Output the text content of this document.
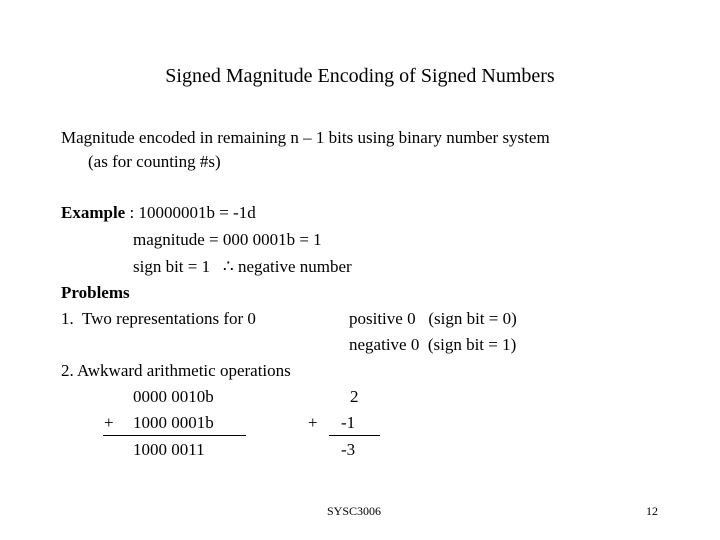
Signed Magnitude Encoding of Signed Numbers
Magnitude encoded in remaining n – 1 bits using binary number system
(as for counting #s)
Example : 10000001b = -1d
magnitude = 000 0001b = 1
sign bit = 1   ∴ negative number
Problems
1.  Two representations for 0	positive 0   (sign bit = 0)
negative 0  (sign bit = 1)
2. Awkward arithmetic operations
0000 0010b
+ 1000 0001b
1000 0011
2
+ -1
-3
SYSC3006	12
